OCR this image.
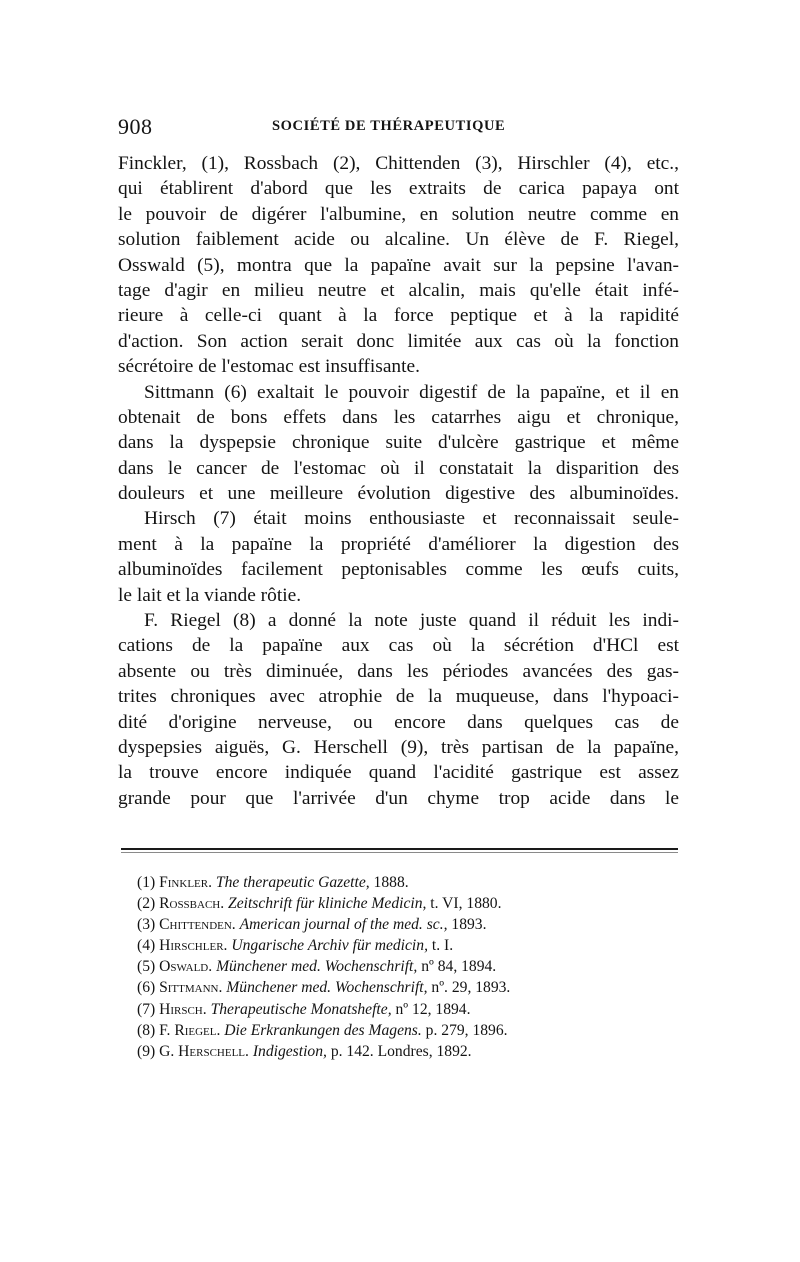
908	SOCIÉTÉ DE THÉRAPEUTIQUE
Finckler, (1), Rossbach (2), Chittenden (3), Hirschler (4), etc.,
qui établirent d'abord que les extraits de carica papaya ont
le pouvoir de digérer l'albumine, en solution neutre comme en
solution faiblement acide ou alcaline. Un élève de F. Riegel,
Osswald (5), montra que la papaïne avait sur la pepsine l'avan-
tage d'agir en milieu neutre et alcalin, mais qu'elle était infé-
rieure à celle-ci quant à la force peptique et à la rapidité
d'action. Son action serait donc limitée aux cas où la fonction
sécrétoire de l'estomac est insuffisante.
Sittmann (6) exaltait le pouvoir digestif de la papaïne, et il en
obtenait de bons effets dans les catarrhes aigu et chronique,
dans la dyspepsie chronique suite d'ulcère gastrique et même
dans le cancer de l'estomac où il constatait la disparition des
douleurs et une meilleure évolution digestive des albuminoïdes.
Hirsch (7) était moins enthousiaste et reconnaissait seule-
ment à la papaïne la propriété d'améliorer la digestion des
albuminoïdes facilement peptonisables comme les œufs cuits,
le lait et la viande rôtie.
F. Riegel (8) a donné la note juste quand il réduit les indi-
cations de la papaïne aux cas où la sécrétion d'HCl est
absente ou très diminuée, dans les périodes avancées des gas-
trites chroniques avec atrophie de la muqueuse, dans l'hypoaci-
dité d'origine nerveuse, ou encore dans quelques cas de
dyspepsies aiguës, G. Herschell (9), très partisan de la papaïne,
la trouve encore indiquée quand l'acidité gastrique est assez
grande pour que l'arrivée d'un chyme trop acide dans le
(1) Finkler. The therapeutic Gazette, 1888.
(2) Rossbach. Zeitschrift für kliniche Medicin, t. VI, 1880.
(3) Chittenden. American journal of the med. sc., 1893.
(4) Hirschler. Ungarische Archiv für medicin, t. I.
(5) Oswald. Münchener med. Wochenschrift, nº 84, 1894.
(6) Sittmann. Münchener med. Wochenschrift, nº. 29, 1893.
(7) Hirsch. Therapeutische Monatshefte, nº 12, 1894.
(8) F. Riegel. Die Erkrankungen des Magens. p. 279, 1896.
(9) G. Herschell. Indigestion, p. 142. Londres, 1892.
